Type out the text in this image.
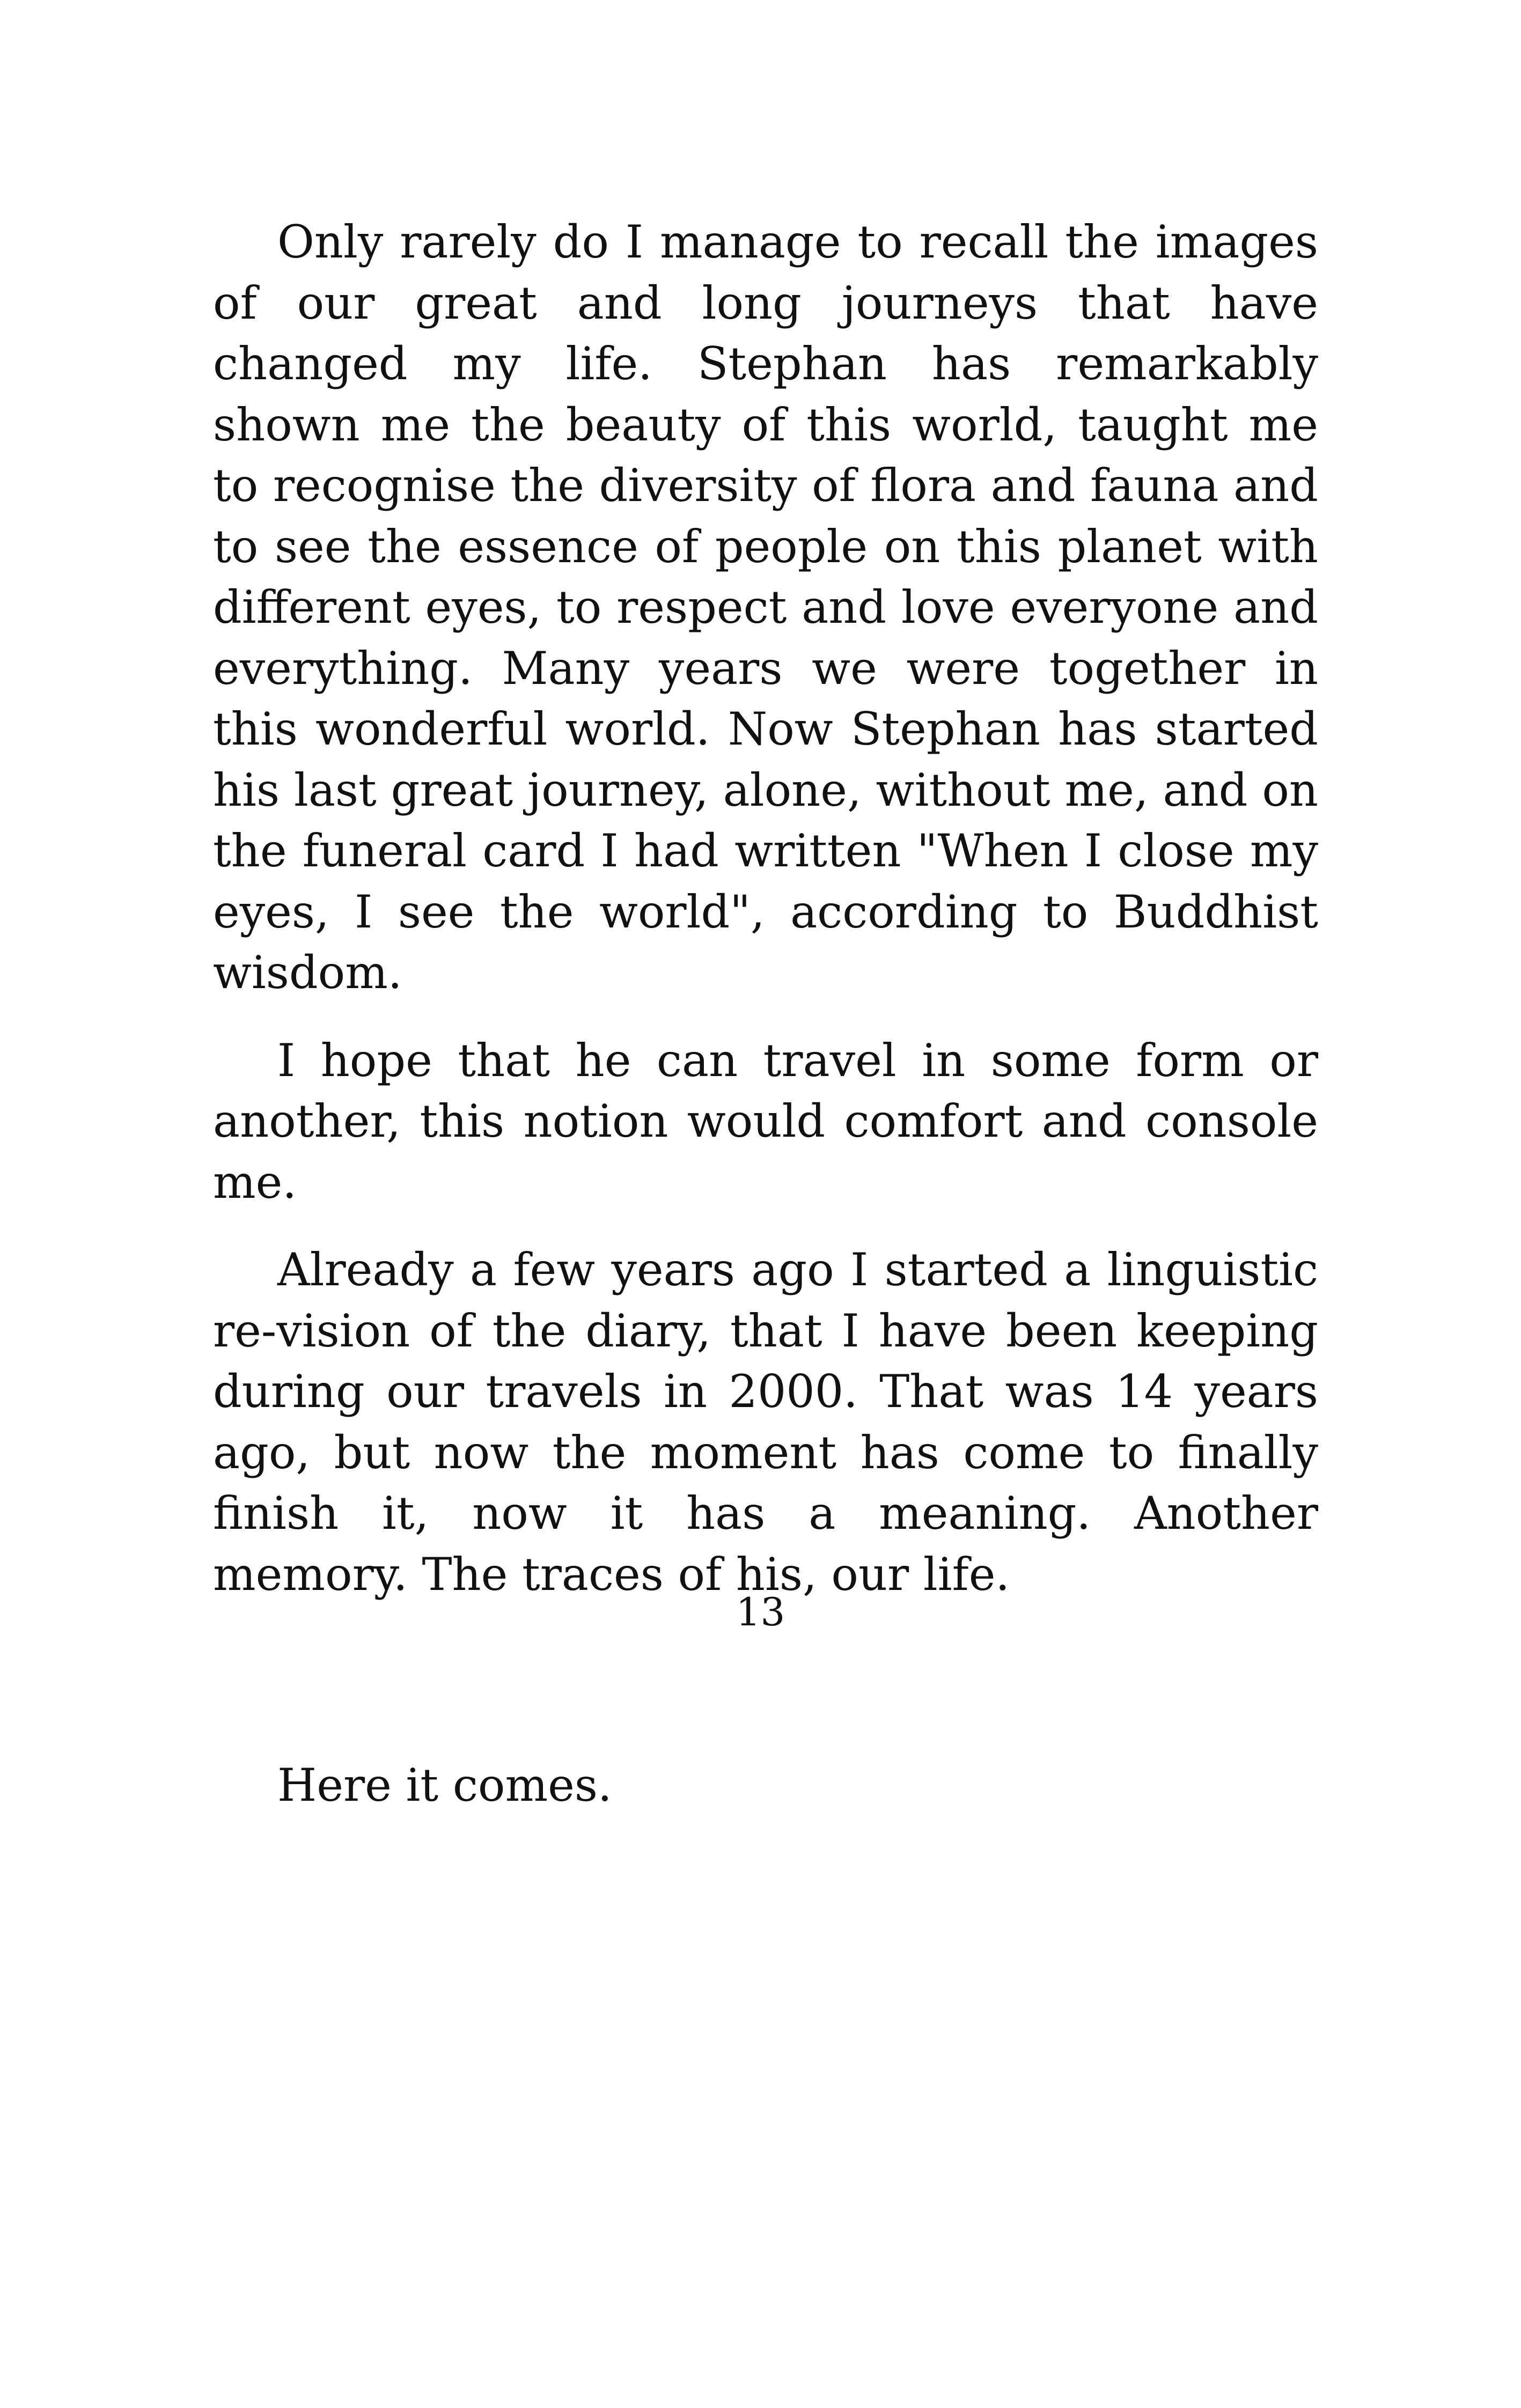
Only rarely do I manage to recall the images of our great and long journeys that have changed my life. Stephan has remarkably shown me the beauty of this world, taught me to recognise the diversity of flora and fauna and to see the essence of people on this planet with different eyes, to respect and love everyone and everything. Many years we were together in this wonderful world. Now Stephan has started his last great journey, alone, without me, and on the funeral card I had written "When I close my eyes, I see the world", according to Buddhist wisdom.

I hope that he can travel in some form or another, this notion would comfort and console me.

Already a few years ago I started a linguistic re-vision of the diary, that I have been keeping during our travels in 2000. That was 14 years ago, but now the moment has come to finally finish it, now it has a meaning. Another memory. The traces of his, our life.

Here it comes.

13
